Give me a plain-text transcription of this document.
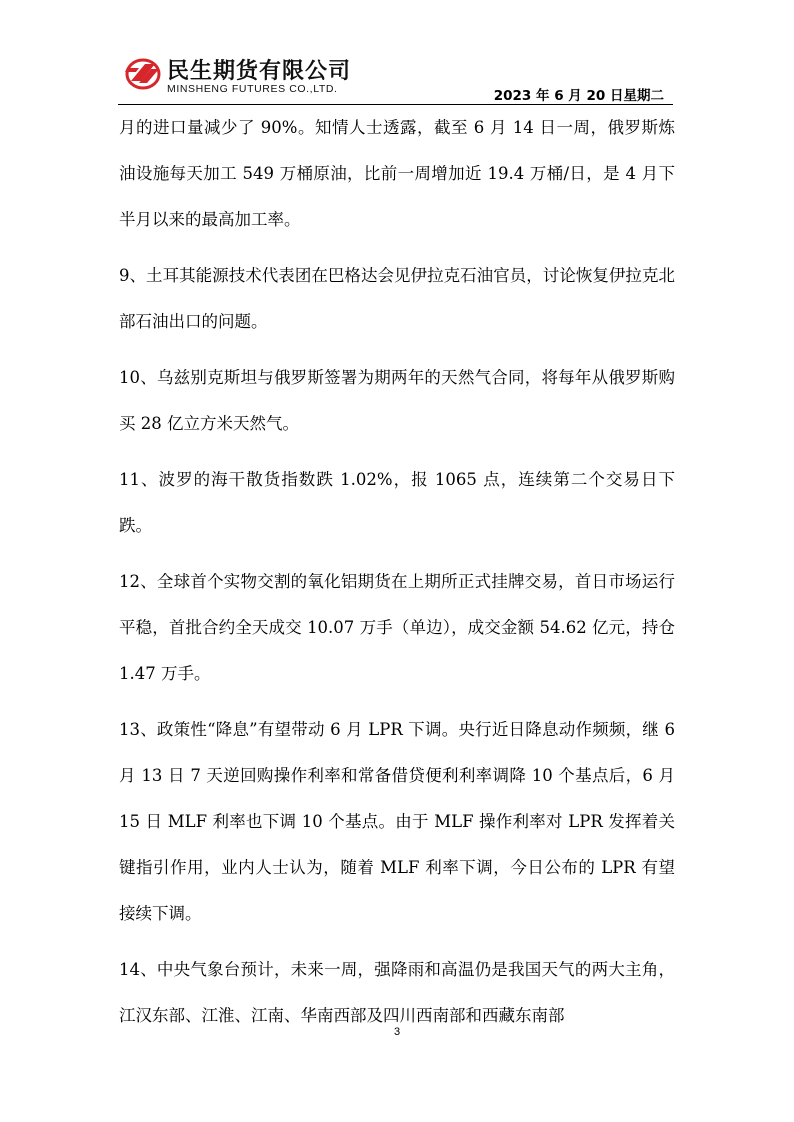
民生期货有限公司
MINSHENG FUTURES CO.,LTD.	2023 年 6 月 20 日星期二

月的进口量减少了 90%。知情人士透露，截至 6 月 14 日一周，俄罗斯炼油设施每天加工 549 万桶原油，比前一周增加近 19.4 万桶/日，是 4 月下半月以来的最高加工率。

9、土耳其能源技术代表团在巴格达会见伊拉克石油官员，讨论恢复伊拉克北部石油出口的问题。

10、乌兹别克斯坦与俄罗斯签署为期两年的天然气合同，将每年从俄罗斯购买 28 亿立方米天然气。

11、波罗的海干散货指数跌 1.02%，报 1065 点，连续第二个交易日下跌。

12、全球首个实物交割的氧化铝期货在上期所正式挂牌交易，首日市场运行平稳，首批合约全天成交 10.07 万手（单边），成交金额 54.62 亿元，持仓 1.47 万手。

13、政策性“降息”有望带动 6 月 LPR 下调。央行近日降息动作频频，继 6 月 13 日 7 天逆回购操作利率和常备借贷便利利率调降 10 个基点后，6 月 15 日 MLF 利率也下调 10 个基点。由于 MLF 操作利率对 LPR 发挥着关键指引作用，业内人士认为，随着 MLF 利率下调，今日公布的 LPR 有望接续下调。

14、中央气象台预计，未来一周，强降雨和高温仍是我国天气的两大主角，江汉东部、江淮、江南、华南西部及四川西南部和西藏东南部

3
